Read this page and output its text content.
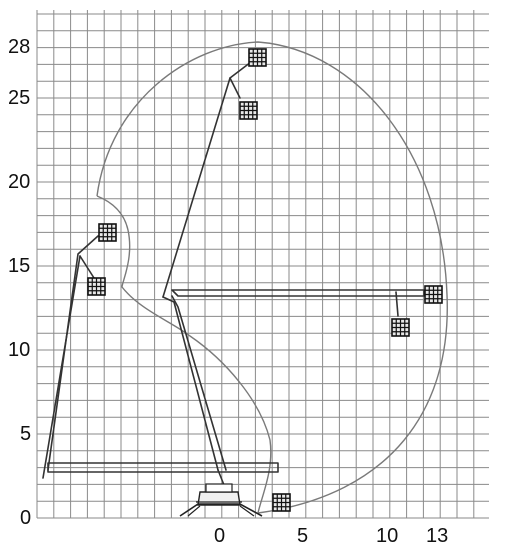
28
25
20
15
10
5
0
0	5	10 13
